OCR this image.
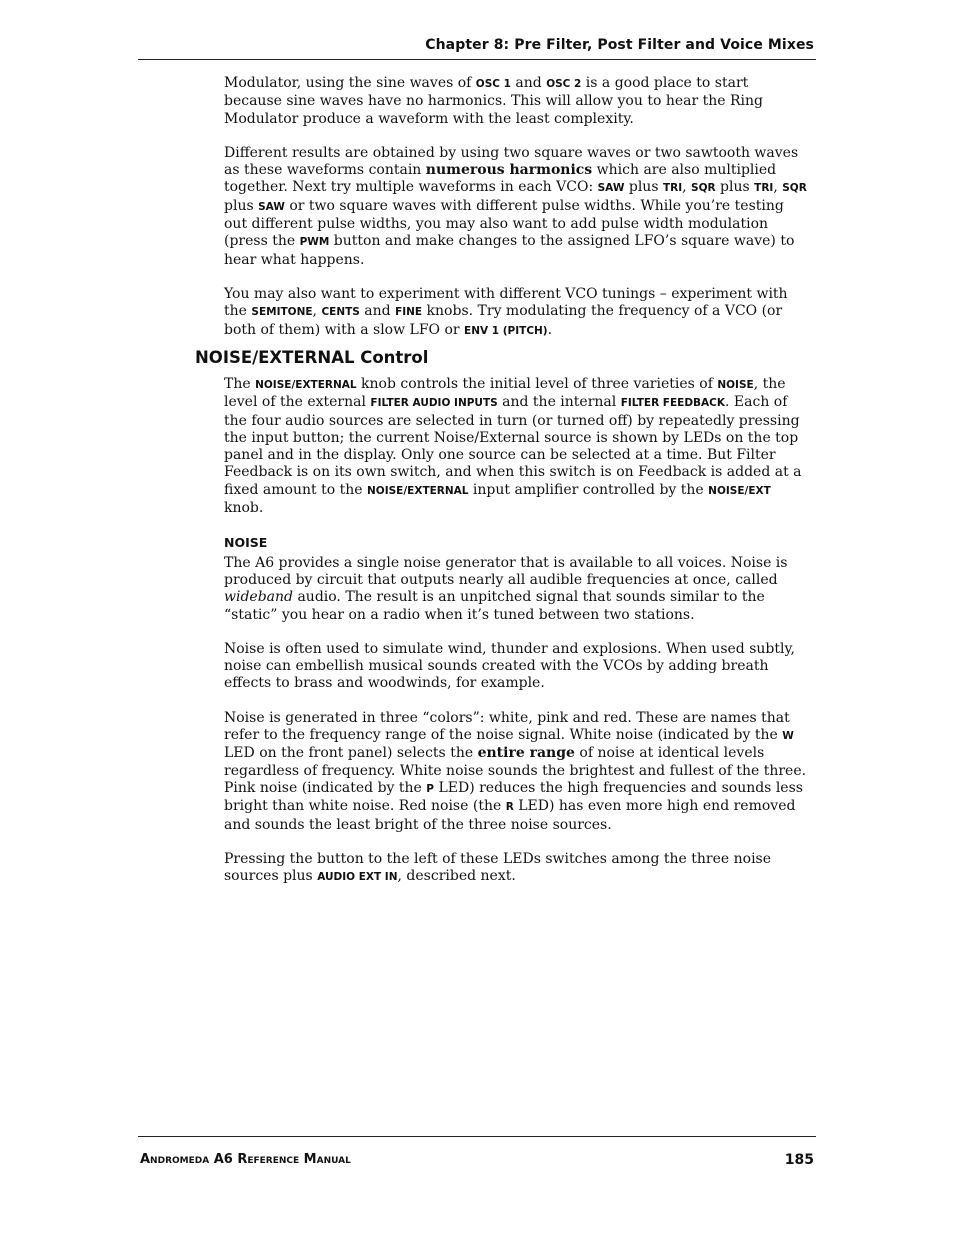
Chapter 8: Pre Filter, Post Filter and Voice Mixes

Modulator, using the sine waves of OSC 1 and OSC 2 is a good place to start because sine waves have no harmonics. This will allow you to hear the Ring Modulator produce a waveform with the least complexity.

Different results are obtained by using two square waves or two sawtooth waves as these waveforms contain numerous harmonics which are also multiplied together. Next try multiple waveforms in each VCO: SAW plus TRI, SQR plus TRI, SQR plus SAW or two square waves with different pulse widths. While you’re testing out different pulse widths, you may also want to add pulse width modulation (press the PWM button and make changes to the assigned LFO’s square wave) to hear what happens.

You may also want to experiment with different VCO tunings – experiment with the SEMITONE, CENTS and FINE knobs. Try modulating the frequency of a VCO (or both of them) with a slow LFO or ENV 1 (PITCH).

NOISE/EXTERNAL Control

The NOISE/EXTERNAL knob controls the initial level of three varieties of NOISE, the level of the external FILTER AUDIO INPUTS and the internal FILTER FEEDBACK. Each of the four audio sources are selected in turn (or turned off) by repeatedly pressing the input button; the current Noise/External source is shown by LEDs on the top panel and in the display. Only one source can be selected at a time. But Filter Feedback is on its own switch, and when this switch is on Feedback is added at a fixed amount to the NOISE/EXTERNAL input amplifier controlled by the NOISE/EXT knob.

NOISE

The A6 provides a single noise generator that is available to all voices. Noise is produced by circuit that outputs nearly all audible frequencies at once, called wideband audio. The result is an unpitched signal that sounds similar to the “static” you hear on a radio when it’s tuned between two stations.

Noise is often used to simulate wind, thunder and explosions. When used subtly, noise can embellish musical sounds created with the VCOs by adding breath effects to brass and woodwinds, for example.

Noise is generated in three “colors”: white, pink and red. These are names that refer to the frequency range of the noise signal. White noise (indicated by the W LED on the front panel) selects the entire range of noise at identical levels regardless of frequency. White noise sounds the brightest and fullest of the three. Pink noise (indicated by the P LED) reduces the high frequencies and sounds less bright than white noise. Red noise (the R LED) has even more high end removed and sounds the least bright of the three noise sources.

Pressing the button to the left of these LEDs switches among the three noise sources plus AUDIO EXT IN, described next.

Andromeda A6 Reference Manual	185
